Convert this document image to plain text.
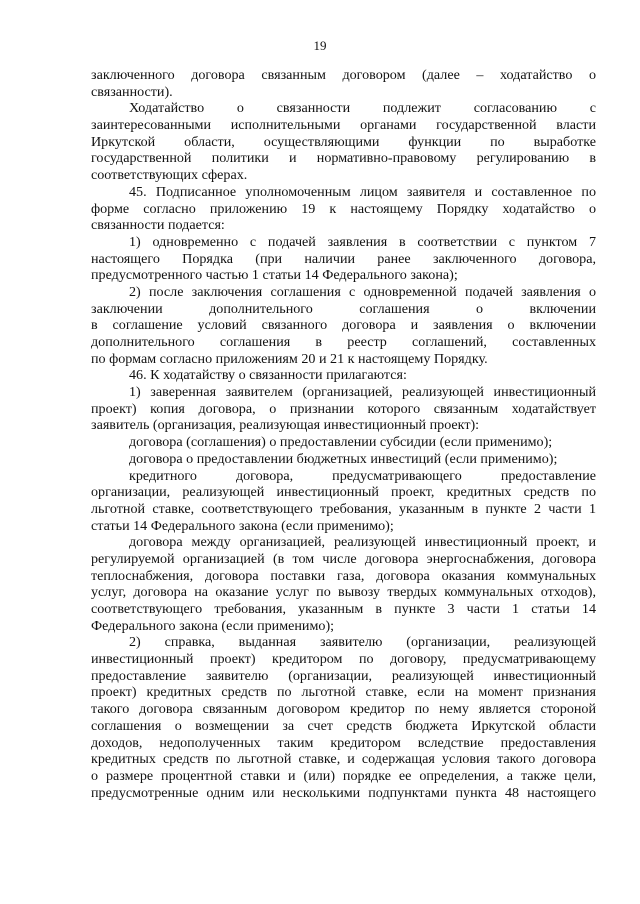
19
заключенного договора связанным договором (далее – ходатайство о
связанности).
Ходатайство о связанности подлежит согласованию с
заинтересованными исполнительными органами государственной власти
Иркутской области, осуществляющими функции по выработке
государственной политики и нормативно-правовому регулированию в
соответствующих сферах.
45. Подписанное уполномоченным лицом заявителя и составленное по
форме согласно приложению 19 к настоящему Порядку ходатайство о
связанности подается:
1) одновременно с подачей заявления в соответствии с пунктом 7
настоящего Порядка (при наличии ранее заключенного договора,
предусмотренного частью 1 статьи 14 Федерального закона);
2) после заключения соглашения с одновременной подачей заявления о
заключении дополнительного соглашения о включении
в соглашение условий связанного договора и заявления о включении
дополнительного соглашения в реестр соглашений, составленных
по формам согласно приложениям 20 и 21 к настоящему Порядку.
46. К ходатайству о связанности прилагаются:
1) заверенная заявителем (организацией, реализующей инвестиционный
проект) копия договора, о признании которого связанным ходатайствует
заявитель (организация, реализующая инвестиционный проект):
договора (соглашения) о предоставлении субсидии (если применимо);
договора о предоставлении бюджетных инвестиций (если применимо);
кредитного договора, предусматривающего предоставление
организации, реализующей инвестиционный проект, кредитных средств по
льготной ставке, соответствующего требования, указанным в пункте 2 части 1
статьи 14 Федерального закона (если применимо);
договора между организацией, реализующей инвестиционный проект, и
регулируемой организацией (в том числе договора энергоснабжения, договора
теплоснабжения, договора поставки газа, договора оказания коммунальных
услуг, договора на оказание услуг по вывозу твердых коммунальных отходов),
соответствующего требования, указанным в пункте 3 части 1 статьи 14
Федерального закона (если применимо);
2) справка, выданная заявителю (организации, реализующей
инвестиционный проект) кредитором по договору, предусматривающему
предоставление заявителю (организации, реализующей инвестиционный
проект) кредитных средств по льготной ставке, если на момент признания
такого договора связанным договором кредитор по нему является стороной
соглашения о возмещении за счет средств бюджета Иркутской области
доходов, недополученных таким кредитором вследствие предоставления
кредитных средств по льготной ставке, и содержащая условия такого договора
о размере процентной ставки и (или) порядке ее определения, а также цели,
предусмотренные одним или несколькими подпунктами пункта 48 настоящего
